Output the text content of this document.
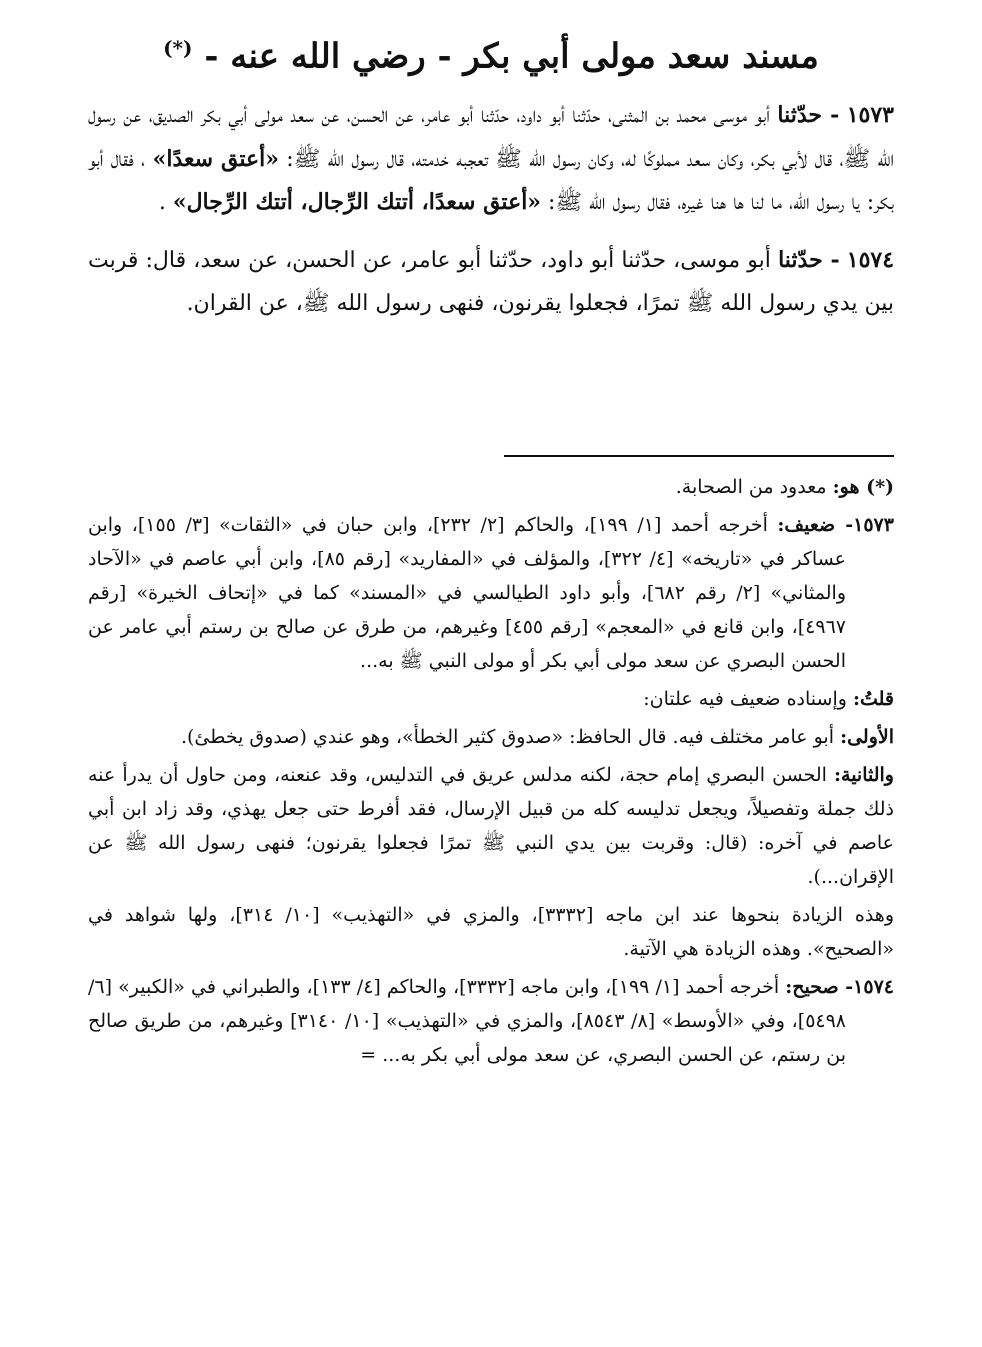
مسند سعد مولى أبي بكر - رضي الله عنه - (*)

١٥٧٣ - حدّثنا أبو موسى محمد بن المثنى، حدّثنا أبو داود، حدّثنا أبو عامر، عن الحسن، عن سعد مولى أبي بكر الصديق، عن رسول الله ﷺ، قال لأبي بكر، وكان سعد مملوكًا له، وكان رسول الله ﷺ تعجبه خدمته، قال رسول الله ﷺ: «أعتق سعدًا» ، فقال أبو بكر: يا رسول الله، ما لنا ها هنا غيره، فقال رسول الله ﷺ: «أعتق سعدًا، أتتك الرِّجال، أتتك الرِّجال» .

١٥٧٤ - حدّثنا أبو موسى، حدّثنا أبو داود، حدّثنا أبو عامر، عن الحسن، عن سعد، قال: قربت بين يدي رسول الله ﷺ تمرًا، فجعلوا يقرنون، فنهى رسول الله ﷺ، عن القران.

(*) هو: معدود من الصحابة.

١٥٧٣- ضعيف: أخرجه أحمد [١/ ١٩٩]، والحاكم [٢/ ٢٣٢]، وابن حبان في «الثقات» [٣/ ١٥٥]، وابن عساكر في «تاريخه» [٤/ ٣٢٢]، والمؤلف في «المفاريد» [رقم ٨٥]، وابن أبي عاصم في «الآحاد والمثاني» [٢/ رقم ٦٨٢]، وأبو داود الطيالسي في «المسند» كما في «إتحاف الخيرة» [رقم ٤٩٦٧]، وابن قانع في «المعجم» [رقم ٤٥٥] وغيرهم، من طرق عن صالح بن رستم أبي عامر عن الحسن البصري عن سعد مولى أبي بكر أو مولى النبي ﷺ به...

قلتُ: وإسناده ضعيف فيه علتان:

الأولى: أبو عامر مختلف فيه. قال الحافظ: «صدوق كثير الخطأ»، وهو عندي (صدوق يخطئ).

والثانية: الحسن البصري إمام حجة، لكنه مدلس عريق في التدليس، وقد عنعنه، ومن حاول أن يدرأ عنه ذلك جملة وتفصيلاً، ويجعل تدليسه كله من قبيل الإرسال، فقد أفرط حتى جعل يهذي، وقد زاد ابن أبي عاصم في آخره: (قال: وقربت بين يدي النبي ﷺ تمرًا فجعلوا يقرنون؛ فنهى رسول الله ﷺ عن الإقران...).

وهذه الزيادة بنحوها عند ابن ماجه [٣٣٣٢]، والمزي في «التهذيب» [١٠/ ٣١٤]، ولها شواهد في «الصحيح». وهذه الزيادة هي الآتية.

١٥٧٤- صحيح: أخرجه أحمد [١/ ١٩٩]، وابن ماجه [٣٣٣٢]، والحاكم [٤/ ١٣٣]، والطبراني في «الكبير» [٦/ ٥٤٩٨]، وفي «الأوسط» [٨/ ٨٥٤٣]، والمزي في «التهذيب» [١٠/ ٣١٤٠] وغيرهم، من طريق صالح بن رستم، عن الحسن البصري، عن سعد مولى أبي بكر به... =
